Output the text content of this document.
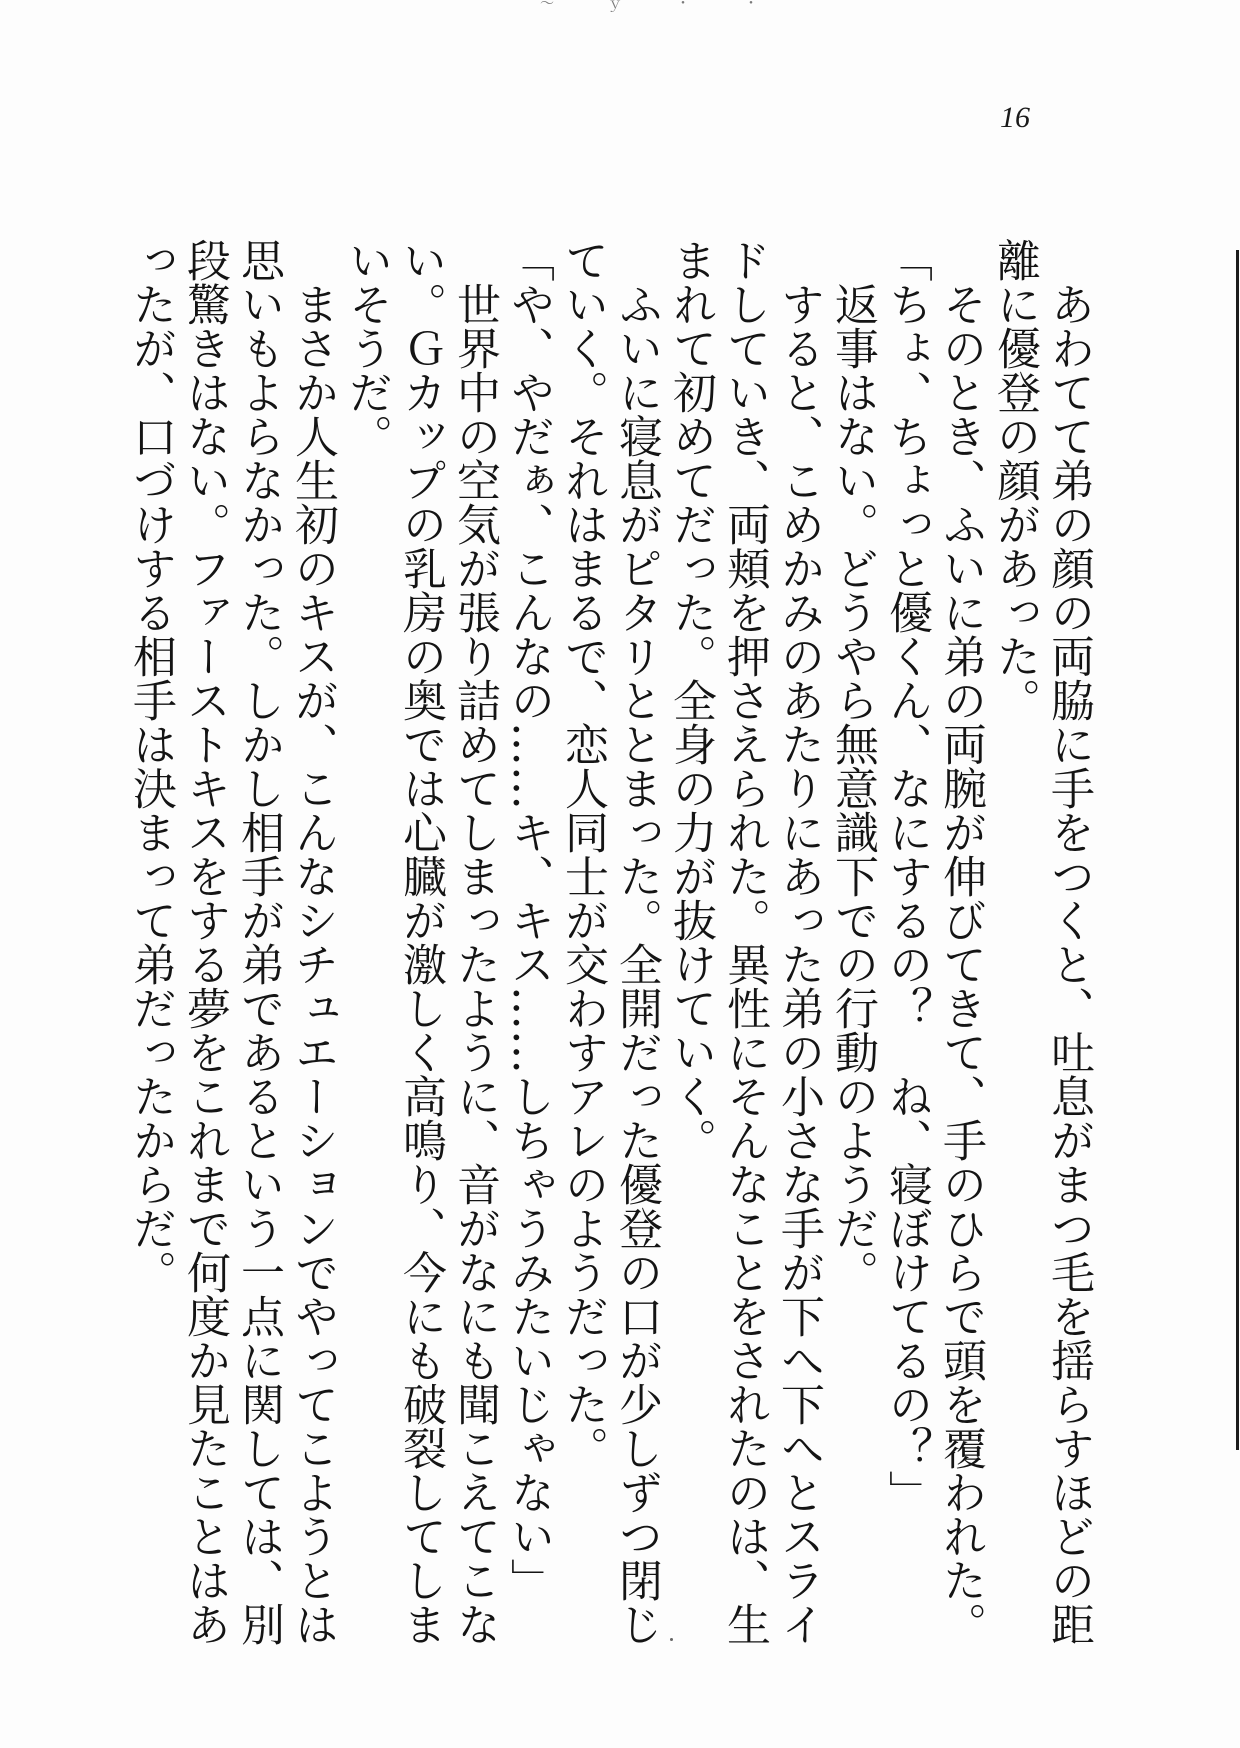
〜　ｙ　・　・
16

　あわてて弟の顔の両脇に手をつくと、吐息がまつ毛を揺らすほどの距離に優登の顔があった。

　そのとき、ふいに弟の両腕が伸びてきて、手のひらで頭を覆われた。

「ちょ、ちょっと優くん、なにするの？　ね、寝ぼけてるの？」

　返事はない。どうやら無意識下での行動のようだ。

　すると、こめかみのあたりにあった弟の小さな手が下へ下へとスライドしていき、両頬を押さえられた。異性にそんなことをされたのは、生まれて初めてだった。全身の力が抜けていく。

　ふいに寝息がピタリととまった。全開だった優登の口が少しずつ閉じていく。それはまるで、恋人同士が交わすアレのようだった。

「や、やだぁ、こんなの……キ、キス……しちゃうみたいじゃない」

　世界中の空気が張り詰めてしまったように、音がなにも聞こえてこない。Ｇカップの乳房の奥では心臓が激しく高鳴り、今にも破裂してしまいそうだ。

　まさか人生初のキスが、こんなシチュエーションでやってこようとは思いもよらなかった。しかし相手が弟であるという一点に関しては、別段驚きはない。ファーストキスをする夢をこれまで何度か見たことはあったが、口づけする相手は決まって弟だったからだ。
